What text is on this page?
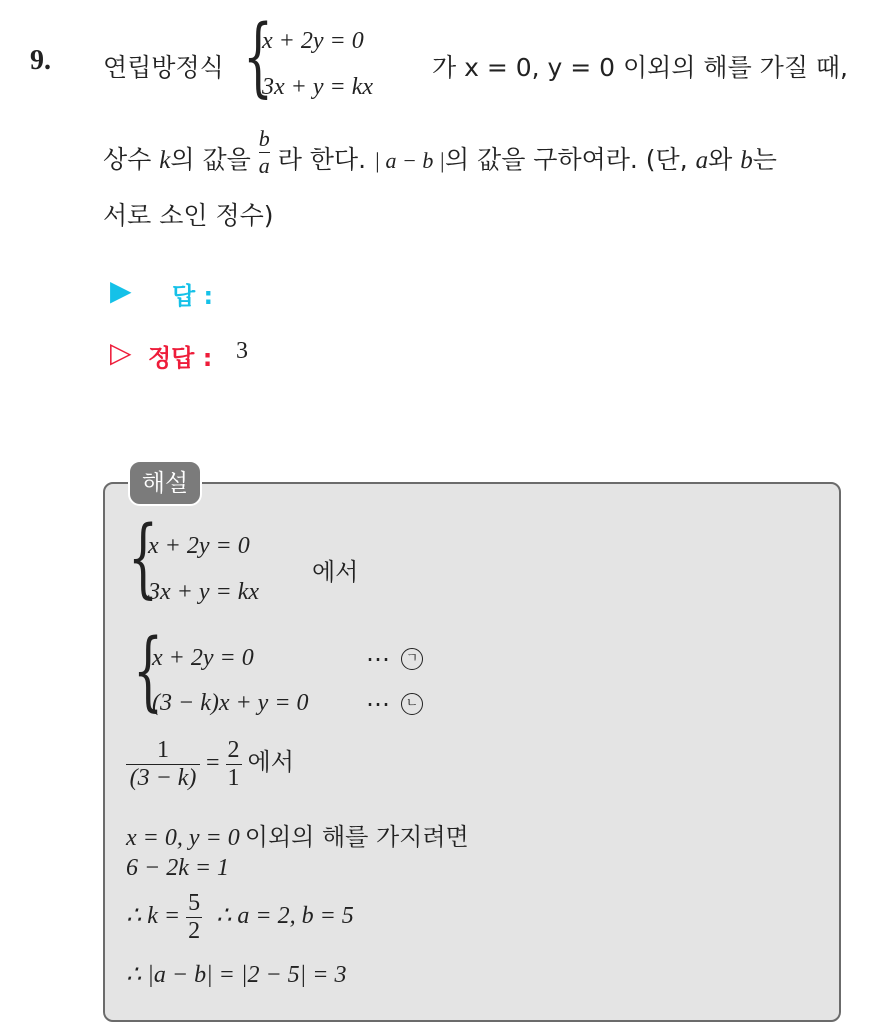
9. 연립방정식 {
x + 2y = 0
3x + y = kx
가 x = 0, y = 0 이외의 해를 가질 때,
상수 k의 값을 $\frac{b}{a}$ 라 한다. | a − b |의 값을 구하여라. (단, a와 b는
서로 소인 정수)
▶ 답 :
▷ 정답 : 3
해설
{
x + 2y = 0
3x + y = kx
에서
{
x + 2y = 0
(3 − k)x + y = 0
⋯	ㄱ
⋯	ㄴ
$\frac{1}{(3 - k)} = \frac{2}{1}$ 에서
x = 0, y = 0 이외의 해를 가지려면
6 − 2k = 1
∴ $k = \frac{5}{2}$ ∴ a = 2, b = 5
∴ |a − b| = |2 − 5| = 3
